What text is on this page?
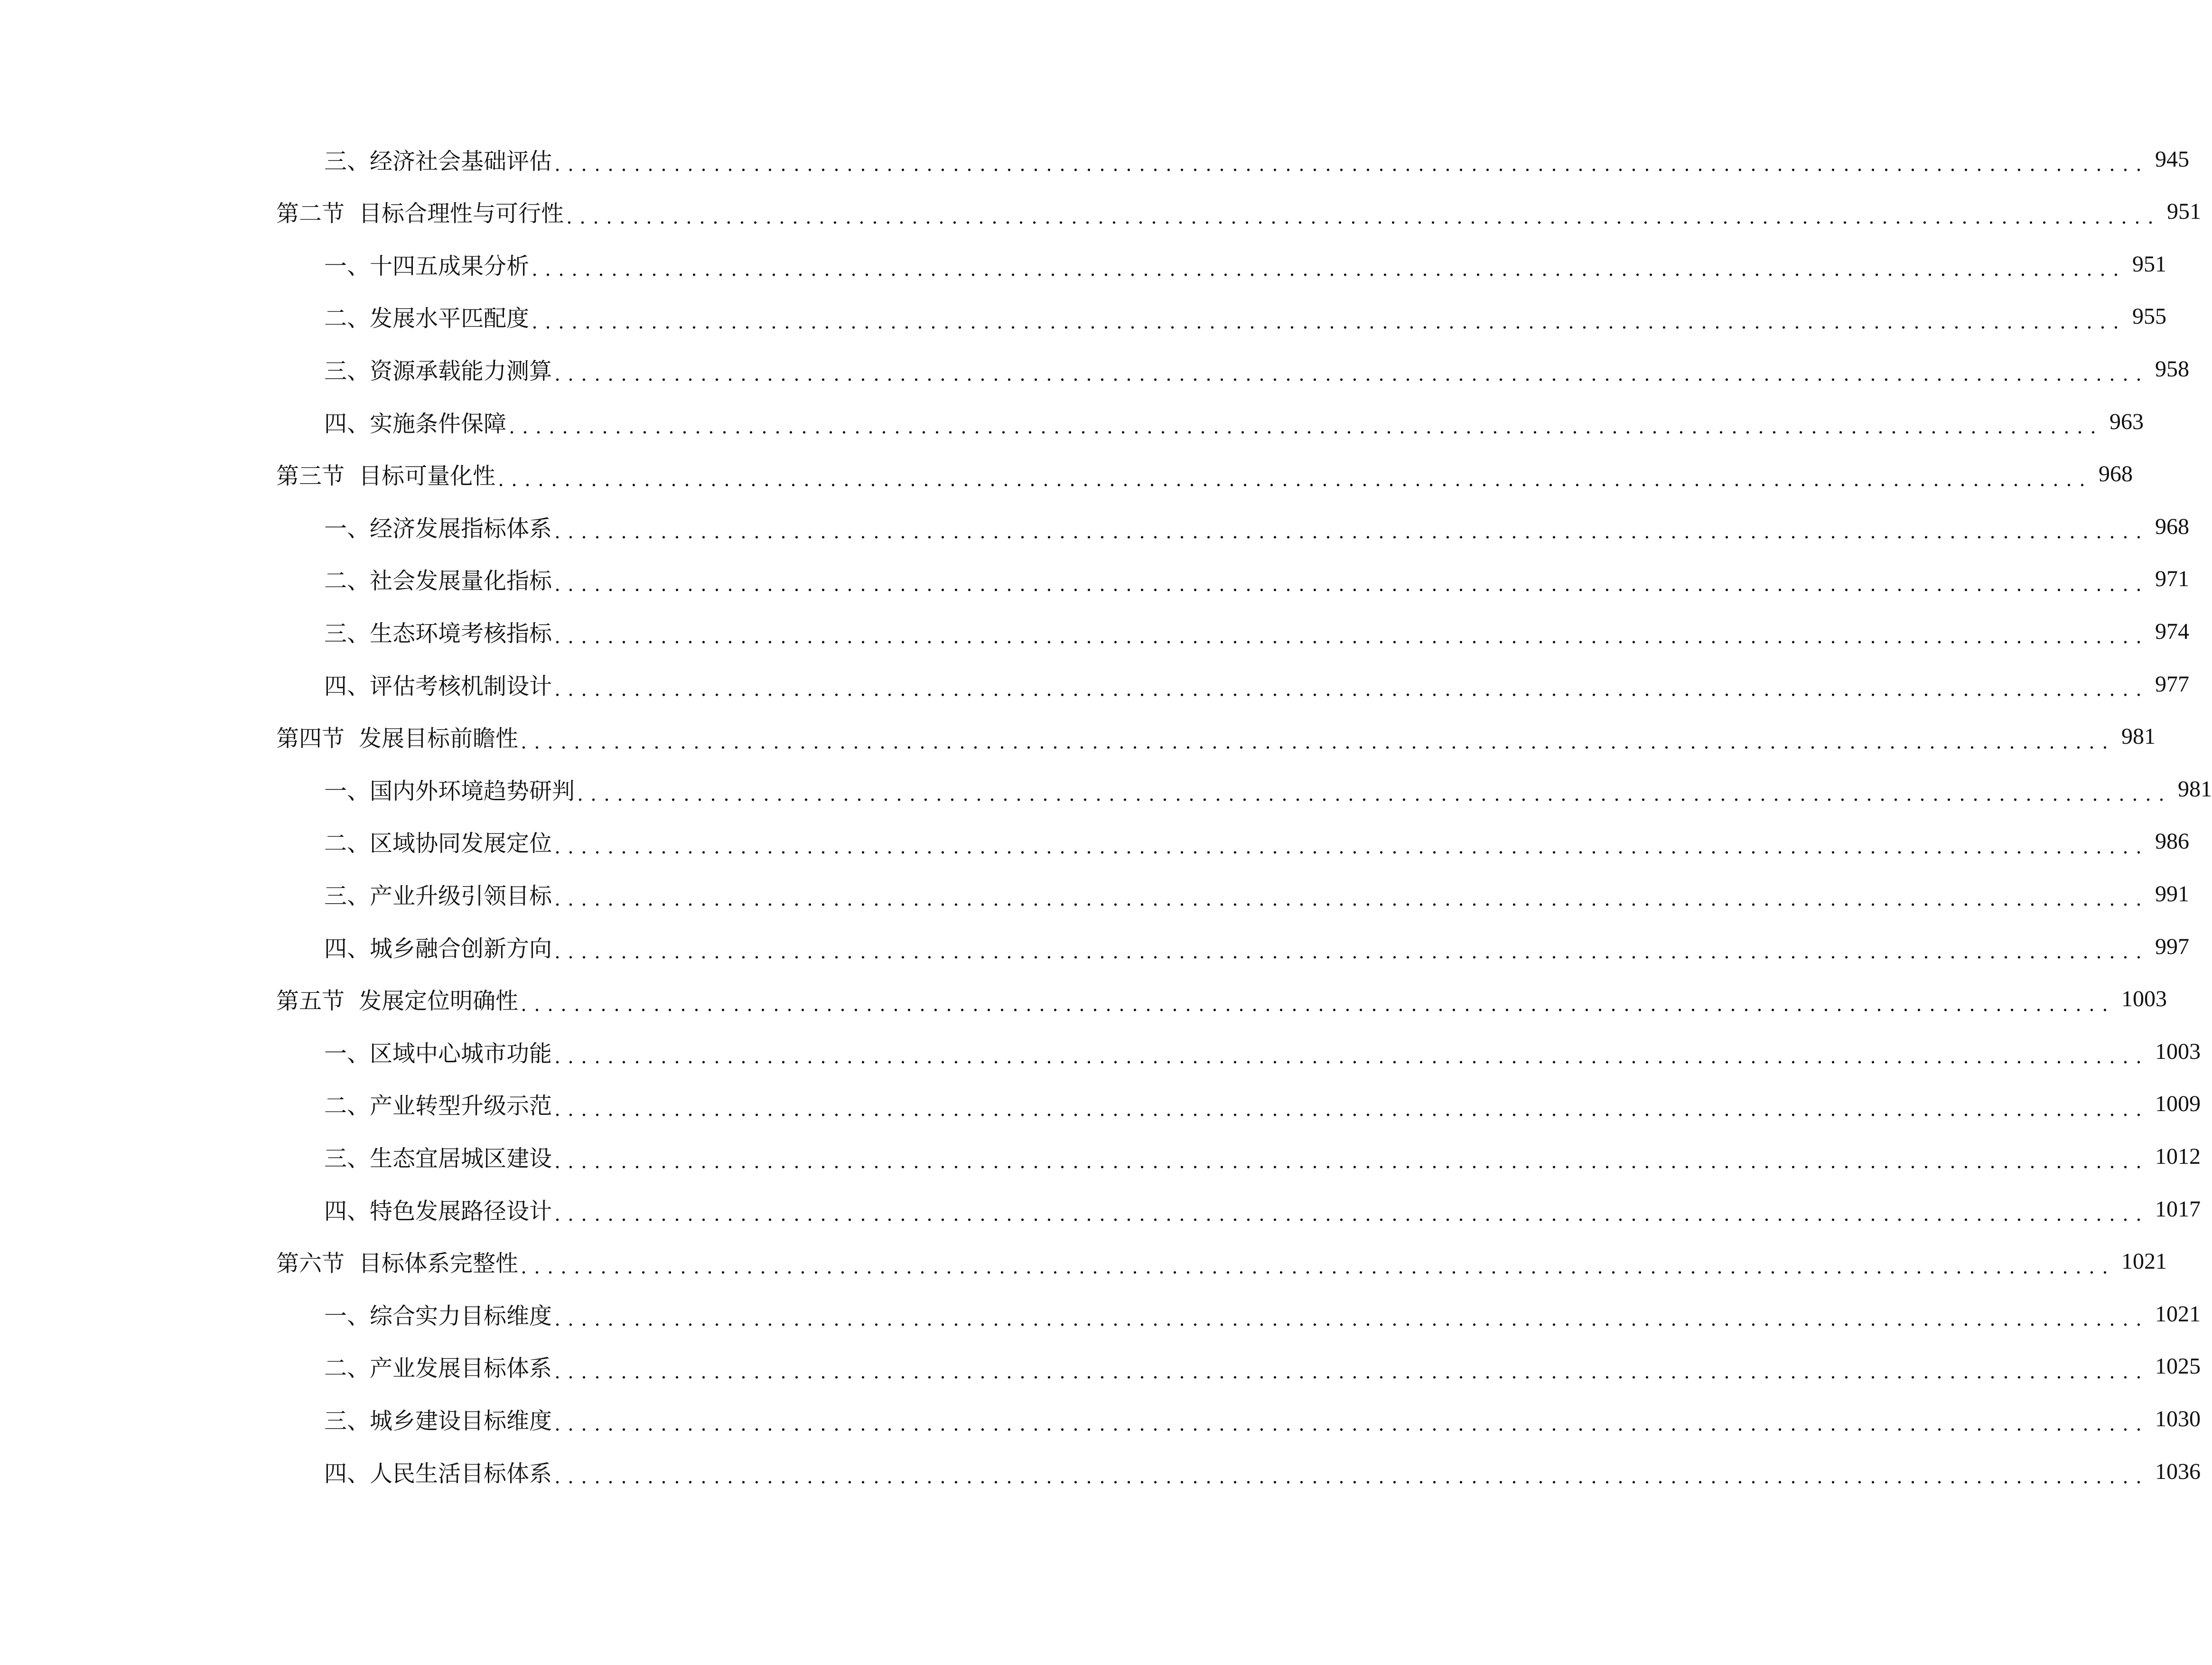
三、 经济社会基础评估 ........................................................................................................................ 945
第二节 目标合理性与可行性 ........................................................................................................................ 951
一、 十四五成果分析 ........................................................................................................................ 951
二、 发展水平匹配度 ........................................................................................................................ 955
三、 资源承载能力测算 ........................................................................................................................ 958
四、 实施条件保障 ........................................................................................................................ 963
第三节 目标可量化性 ........................................................................................................................ 968
一、 经济发展指标体系 ........................................................................................................................ 968
二、 社会发展量化指标 ........................................................................................................................ 971
三、 生态环境考核指标 ........................................................................................................................ 974
四、 评估考核机制设计 ........................................................................................................................ 977
第四节 发展目标前瞻性 ........................................................................................................................ 981
一、 国内外环境趋势研判 ........................................................................................................................ 981
二、 区域协同发展定位 ........................................................................................................................ 986
三、 产业升级引领目标 ........................................................................................................................ 991
四、 城乡融合创新方向 ........................................................................................................................ 997
第五节 发展定位明确性 ........................................................................................................................ 1003
一、 区域中心城市功能 ........................................................................................................................ 1003
二、 产业转型升级示范 ........................................................................................................................ 1009
三、 生态宜居城区建设 ........................................................................................................................ 1012
四、 特色发展路径设计 ........................................................................................................................ 1017
第六节 目标体系完整性 ........................................................................................................................ 1021
一、 综合实力目标维度 ........................................................................................................................ 1021
二、 产业发展目标体系 ........................................................................................................................ 1025
三、 城乡建设目标维度 ........................................................................................................................ 1030
四、 人民生活目标体系 ........................................................................................................................ 1036
